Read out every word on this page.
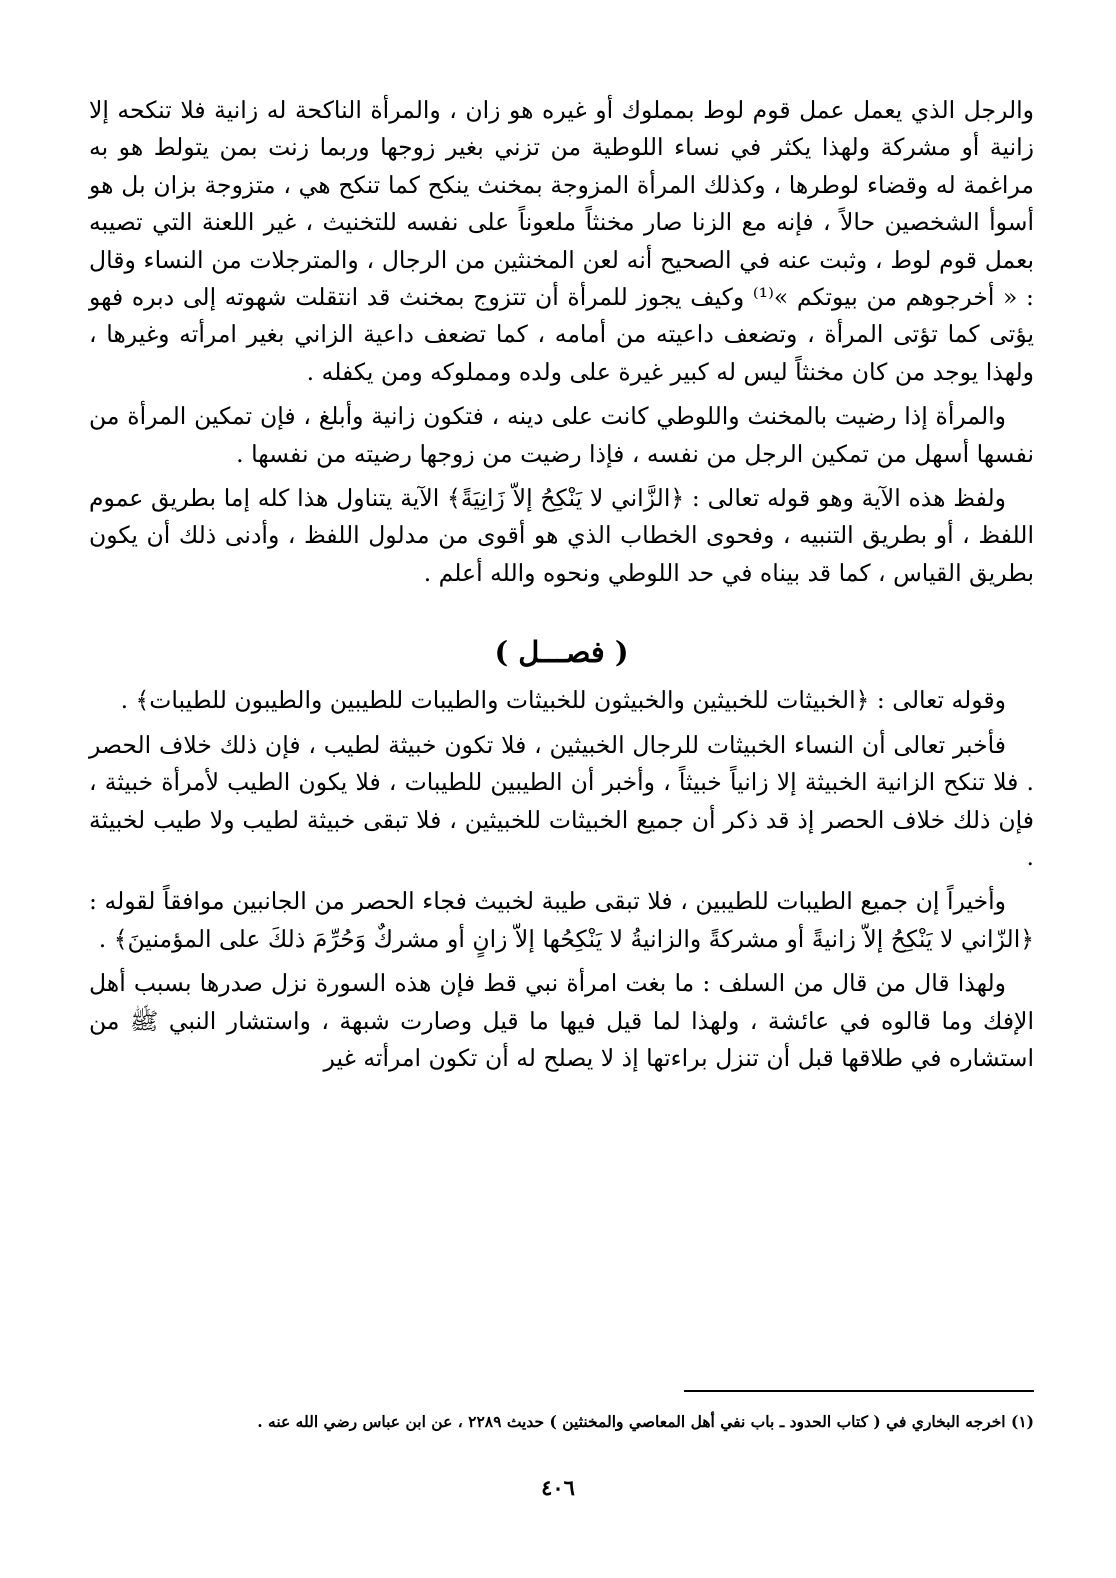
والرجل الذي يعمل عمل قوم لوط بمملوك أو غيره هو زان ، والمرأة الناكحة له زانية فلا تنكحه إلا زانية أو مشركة ولهذا يكثر في نساء اللوطية من تزني بغير زوجها وربما زنت بمن يتولط هو به مراغمة له وقضاء لوطرها ، وكذلك المرأة المزوجة بمخنث ينكح كما تنكح هي ، متزوجة بزان بل هو أسوأ الشخصين حالاً ، فإنه مع الزنا صار مخنثاً ملعوناً على نفسه للتخنيث ، غير اللعنة التي تصيبه بعمل قوم لوط ، وثبت عنه في الصحيح أنه لعن المخنثين من الرجال ، والمترجلات من النساء وقال : « أخرجوهم من بيوتكم »⁽¹⁾ وكيف يجوز للمرأة أن تتزوج بمخنث قد انتقلت شهوته إلى دبره فهو يؤتى كما تؤتى المرأة ، وتضعف داعيته من أمامه ، كما تضعف داعية الزاني بغير امرأته وغيرها ، ولهذا يوجد من كان مخنثاً ليس له كبير غيرة على ولده ومملوكه ومن يكفله .

والمرأة إذا رضيت بالمخنث واللوطي كانت على دينه ، فتكون زانية وأبلغ ، فإن تمكين المرأة من نفسها أسهل من تمكين الرجل من نفسه ، فإذا رضيت من زوجها رضيته من نفسها .

ولفظ هذه الآية وهو قوله تعالى : ﴿الزَّاني لا يَنْكِحُ إلاّ زَانِيَةً﴾ الآية يتناول هذا كله إما بطريق عموم اللفظ ، أو بطريق التنبيه ، وفحوى الخطاب الذي هو أقوى من مدلول اللفظ ، وأدنى ذلك أن يكون بطريق القياس ، كما قد بيناه في حد اللوطي ونحوه والله أعلم .

( فصـــل )

وقوله تعالى : ﴿الخبيثات للخبيثين والخبيثون للخبيثات والطيبات للطيبين والطيبون للطيبات﴾ .

فأخبر تعالى أن النساء الخبيثات للرجال الخبيثين ، فلا تكون خبيثة لطيب ، فإن ذلك خلاف الحصر . فلا تنكح الزانية الخبيثة إلا زانياً خبيثاً ، وأخبر أن الطيبين للطيبات ، فلا يكون الطيب لأمرأة خبيثة ، فإن ذلك خلاف الحصر إذ قد ذكر أن جميع الخبيثات للخبيثين ، فلا تبقى خبيثة لطيب ولا طيب لخبيثة .

وأخيراً إن جميع الطيبات للطيبين ، فلا تبقى طيبة لخبيث فجاء الحصر من الجانبين موافقاً لقوله : ﴿الزّاني لا يَنْكِحُ إلاّ زانيةً أو مشركةً والزانيةُ لا يَنْكِحُها إلاّ زانٍ أو مشركٌ وَحُرِّمَ ذلكَ على المؤمنينَ﴾ .

ولهذا قال من قال من السلف : ما بغت امرأة نبي قط فإن هذه السورة نزل صدرها بسبب أهل الإفك وما قالوه في عائشة ، ولهذا لما قيل فيها ما قيل وصارت شبهة ، واستشار النبي ﷺ من استشاره في طلاقها قبل أن تنزل براءتها إذ لا يصلح له أن تكون امرأته غير

(١) اخرجه البخاري في ( كتاب الحدود ـ باب نفي أهل المعاصي والمخنثين ) حديث ٢٢٨٩ ، عن ابن عباس رضي الله عنه .
٤٠٦
